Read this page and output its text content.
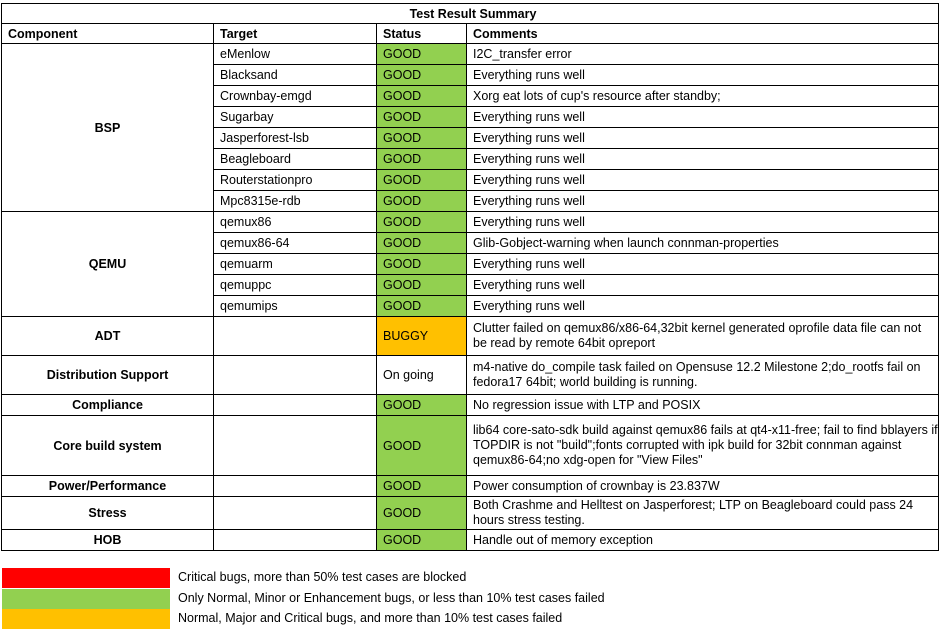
Test Result Summary			
Component	Target	Status	Comments
BSP	eMenlow	GOOD	I2C_transfer error
	Blacksand	GOOD	Everything runs well
	Crownbay-emgd	GOOD	Xorg eat lots of cup's resource after standby;
	Sugarbay	GOOD	Everything runs well
	Jasperforest-lsb	GOOD	Everything runs well
	Beagleboard	GOOD	Everything runs well
	Routerstationpro	GOOD	Everything runs well
	Mpc8315e-rdb	GOOD	Everything runs well
QEMU	qemux86	GOOD	Everything runs well
	qemux86-64	GOOD	Glib-Gobject-warning when launch connman-properties
	qemuarm	GOOD	Everything runs well
	qemuppc	GOOD	Everything runs well
	qemumips	GOOD	Everything runs well
ADT		BUGGY	Clutter failed on qemux86/x86-64,32bit kernel generated oprofile data file can not be read by remote 64bit opreport
Distribution Support		On going	m4-native do_compile task failed on Opensuse 12.2 Milestone 2;do_rootfs fail on fedora17 64bit; world building is running.
Compliance		GOOD	No regression issue with LTP and POSIX
Core build system		GOOD	lib64 core-sato-sdk build against qemux86 fails at qt4-x11-free; fail to find bblayers if TOPDIR is not "build";fonts corrupted with ipk build for 32bit connman against qemux86-64;no xdg-open for "View Files"
Power/Performance		GOOD	Power consumption of crownbay is 23.837W
Stress		GOOD	Both Crashme and Helltest on Jasperforest; LTP on Beagleboard could pass 24 hours stress testing.
HOB		GOOD	Handle out of memory exception
Critical bugs, more than 50% test cases are blocked
Only Normal, Minor or Enhancement bugs, or less than 10% test cases failed
Normal, Major and Critical bugs, and more than 10% test cases failed
